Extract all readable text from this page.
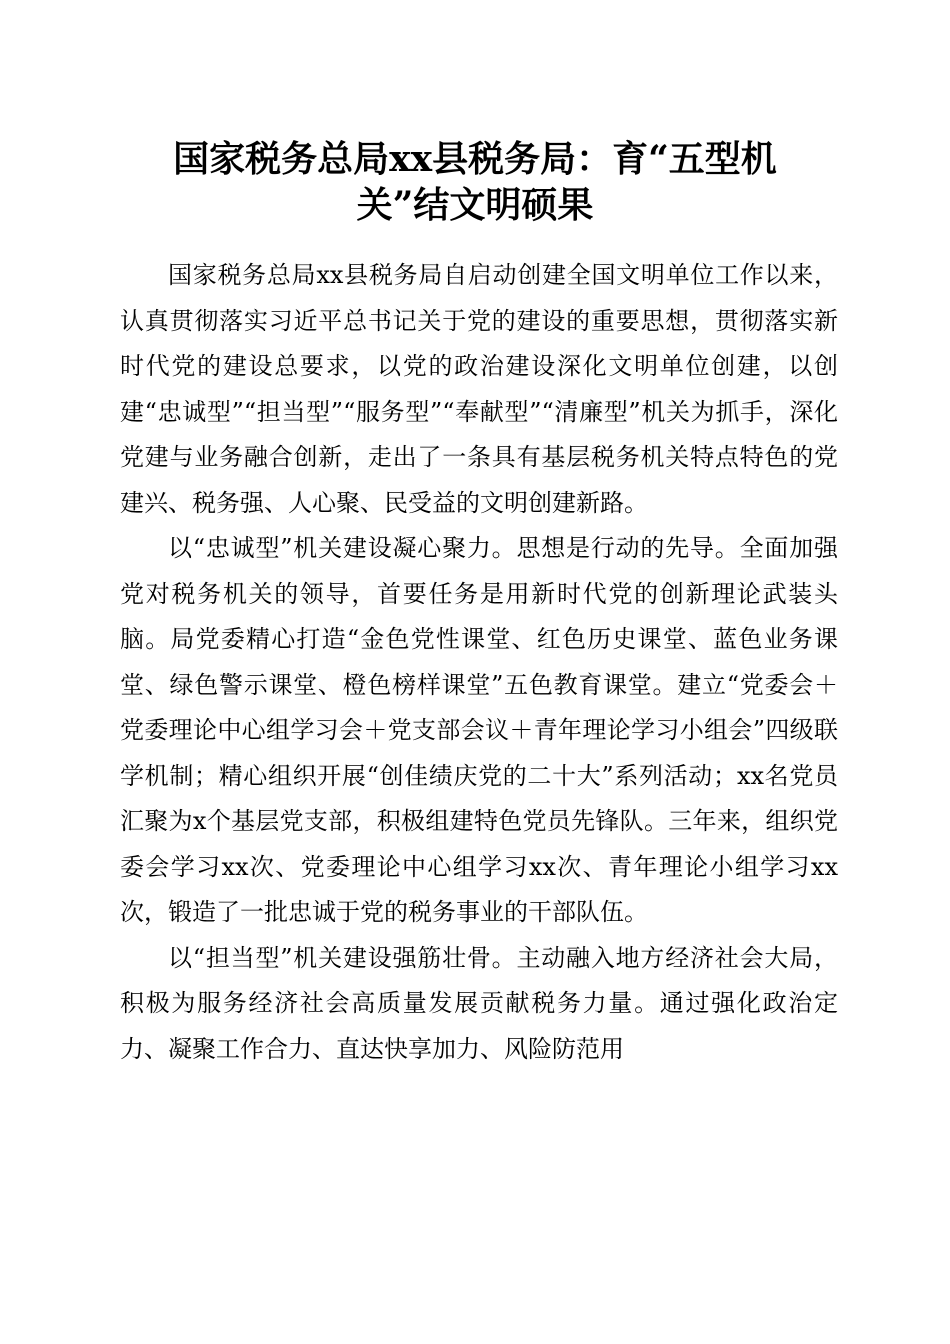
国家税务总局xx县税务局：育“五型机
关”结文明硕果

国家税务总局xx县税务局自启动创建全国文明单位工作以来，认真贯彻落实习近平总书记关于党的建设的重要思想，贯彻落实新时代党的建设总要求，以党的政治建设深化文明单位创建，以创建“忠诚型”“担当型”“服务型”“奉献型”“清廉型”机关为抓手，深化党建与业务融合创新，走出了一条具有基层税务机关特点特色的党建兴、税务强、人心聚、民受益的文明创建新路。

以“忠诚型”机关建设凝心聚力。思想是行动的先导。全面加强党对税务机关的领导，首要任务是用新时代党的创新理论武装头脑。局党委精心打造“金色党性课堂、红色历史课堂、蓝色业务课堂、绿色警示课堂、橙色榜样课堂”五色教育课堂。建立“党委会＋党委理论中心组学习会＋党支部会议＋青年理论学习小组会”四级联学机制；精心组织开展“创佳绩庆党的二十大”系列活动；xx名党员汇聚为x个基层党支部，积极组建特色党员先锋队。三年来，组织党委会学习xx次、党委理论中心组学习xx次、青年理论小组学习xx次，锻造了一批忠诚于党的税务事业的干部队伍。

以“担当型”机关建设强筋壮骨。主动融入地方经济社会大局，积极为服务经济社会高质量发展贡献税务力量。通过强化政治定力、凝聚工作合力、直达快享加力、风险防范用
